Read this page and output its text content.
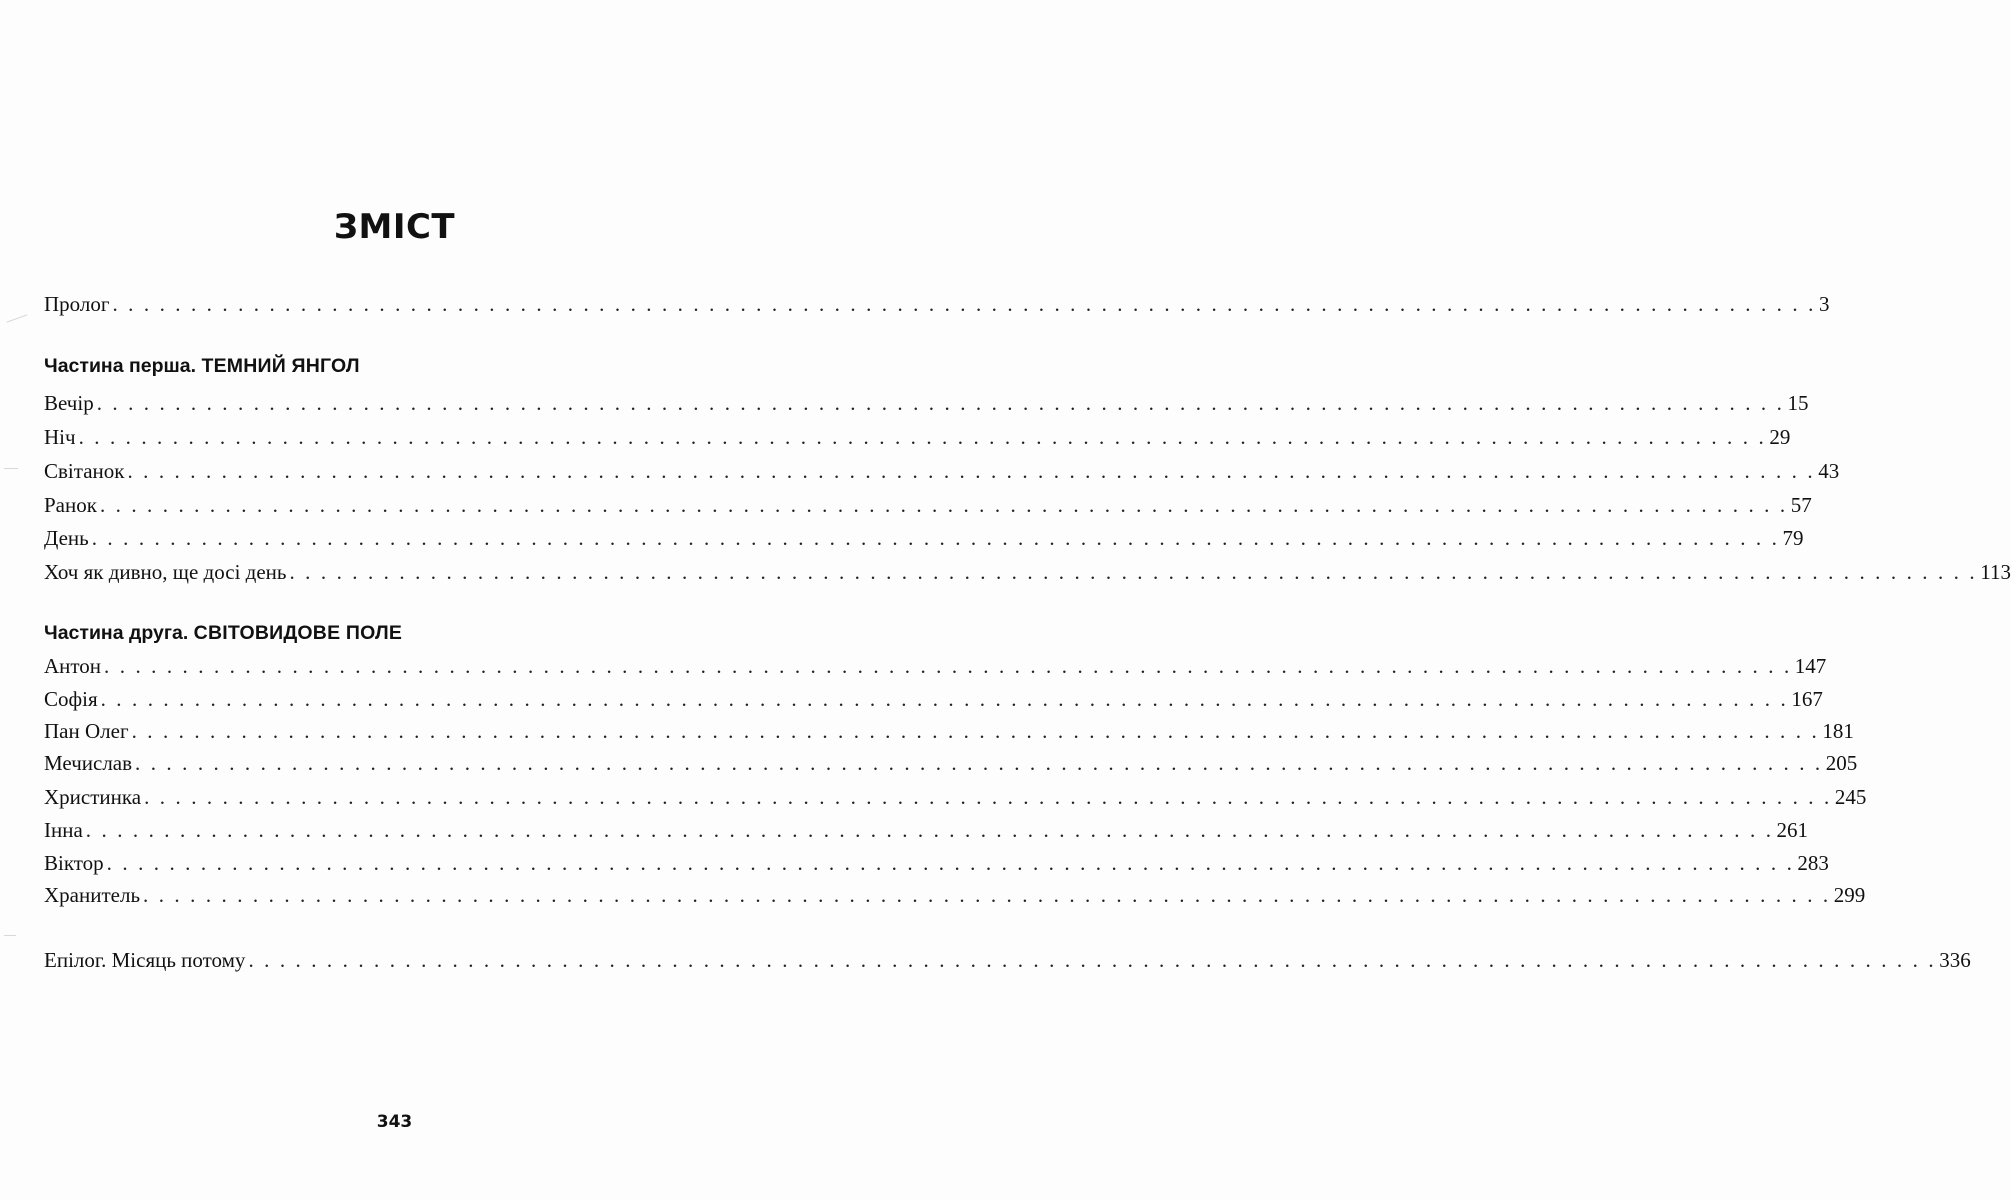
ЗМІСТ
Пролог . . . . . . . . . . . . . . . . . . . . . . . . . . . . . . . . . . . . . . . . . . . . . . . . . . . . . . . . . . . . . . . . . . . . . . . . . . . . . . . . . . . . . . . . . . . . . . . . . . . . . . . . . . . . . 3
Частина перша. ТЕМНИЙ ЯНГОЛ
Вечір . . . . . . . . . . . . . . . . . . . . . . . . . . . . . . . . . . . . . . . . . . . . . . . . . . . . . . . . . . . . . . . . . . . . . . . . . . . . . . . . . . . . . . . . . . . . . . . . . . . . . . . . . . . . 15
Ніч . . . . . . . . . . . . . . . . . . . . . . . . . . . . . . . . . . . . . . . . . . . . . . . . . . . . . . . . . . . . . . . . . . . . . . . . . . . . . . . . . . . . . . . . . . . . . . . . . . . . . . . . . . . . 29
Світанок . . . . . . . . . . . . . . . . . . . . . . . . . . . . . . . . . . . . . . . . . . . . . . . . . . . . . . . . . . . . . . . . . . . . . . . . . . . . . . . . . . . . . . . . . . . . . . . . . . . . . . . . . . . . 43
Ранок . . . . . . . . . . . . . . . . . . . . . . . . . . . . . . . . . . . . . . . . . . . . . . . . . . . . . . . . . . . . . . . . . . . . . . . . . . . . . . . . . . . . . . . . . . . . . . . . . . . . . . . . . . . . 57
День . . . . . . . . . . . . . . . . . . . . . . . . . . . . . . . . . . . . . . . . . . . . . . . . . . . . . . . . . . . . . . . . . . . . . . . . . . . . . . . . . . . . . . . . . . . . . . . . . . . . . . . . . . . . 79
Хоч як дивно, ще досі день . . . . . . . . . . . . . . . . . . . . . . . . . . . . . . . . . . . . . . . . . . . . . . . . . . . . . . . . . . . . . . . . . . . . . . . . . . . . . . . . . . . . . . . . . . . . . . . . . . . . . . . . . . . . 113
Частина друга. СВІТОВИДОВЕ ПОЛЕ
Антон . . . . . . . . . . . . . . . . . . . . . . . . . . . . . . . . . . . . . . . . . . . . . . . . . . . . . . . . . . . . . . . . . . . . . . . . . . . . . . . . . . . . . . . . . . . . . . . . . . . . . . . . . . . . 147
Софія . . . . . . . . . . . . . . . . . . . . . . . . . . . . . . . . . . . . . . . . . . . . . . . . . . . . . . . . . . . . . . . . . . . . . . . . . . . . . . . . . . . . . . . . . . . . . . . . . . . . . . . . . . . . 167
Пан Олег . . . . . . . . . . . . . . . . . . . . . . . . . . . . . . . . . . . . . . . . . . . . . . . . . . . . . . . . . . . . . . . . . . . . . . . . . . . . . . . . . . . . . . . . . . . . . . . . . . . . . . . . . . . . 181
Мечислав . . . . . . . . . . . . . . . . . . . . . . . . . . . . . . . . . . . . . . . . . . . . . . . . . . . . . . . . . . . . . . . . . . . . . . . . . . . . . . . . . . . . . . . . . . . . . . . . . . . . . . . . . . . . 205
Христинка . . . . . . . . . . . . . . . . . . . . . . . . . . . . . . . . . . . . . . . . . . . . . . . . . . . . . . . . . . . . . . . . . . . . . . . . . . . . . . . . . . . . . . . . . . . . . . . . . . . . . . . . . . . . 245
Інна . . . . . . . . . . . . . . . . . . . . . . . . . . . . . . . . . . . . . . . . . . . . . . . . . . . . . . . . . . . . . . . . . . . . . . . . . . . . . . . . . . . . . . . . . . . . . . . . . . . . . . . . . . . . 261
Віктор . . . . . . . . . . . . . . . . . . . . . . . . . . . . . . . . . . . . . . . . . . . . . . . . . . . . . . . . . . . . . . . . . . . . . . . . . . . . . . . . . . . . . . . . . . . . . . . . . . . . . . . . . . . . 283
Хранитель . . . . . . . . . . . . . . . . . . . . . . . . . . . . . . . . . . . . . . . . . . . . . . . . . . . . . . . . . . . . . . . . . . . . . . . . . . . . . . . . . . . . . . . . . . . . . . . . . . . . . . . . . . . . 299
Епілог. Місяць потому . . . . . . . . . . . . . . . . . . . . . . . . . . . . . . . . . . . . . . . . . . . . . . . . . . . . . . . . . . . . . . . . . . . . . . . . . . . . . . . . . . . . . . . . . . . . . . . . . . . . . . . . . . . . 336
343
